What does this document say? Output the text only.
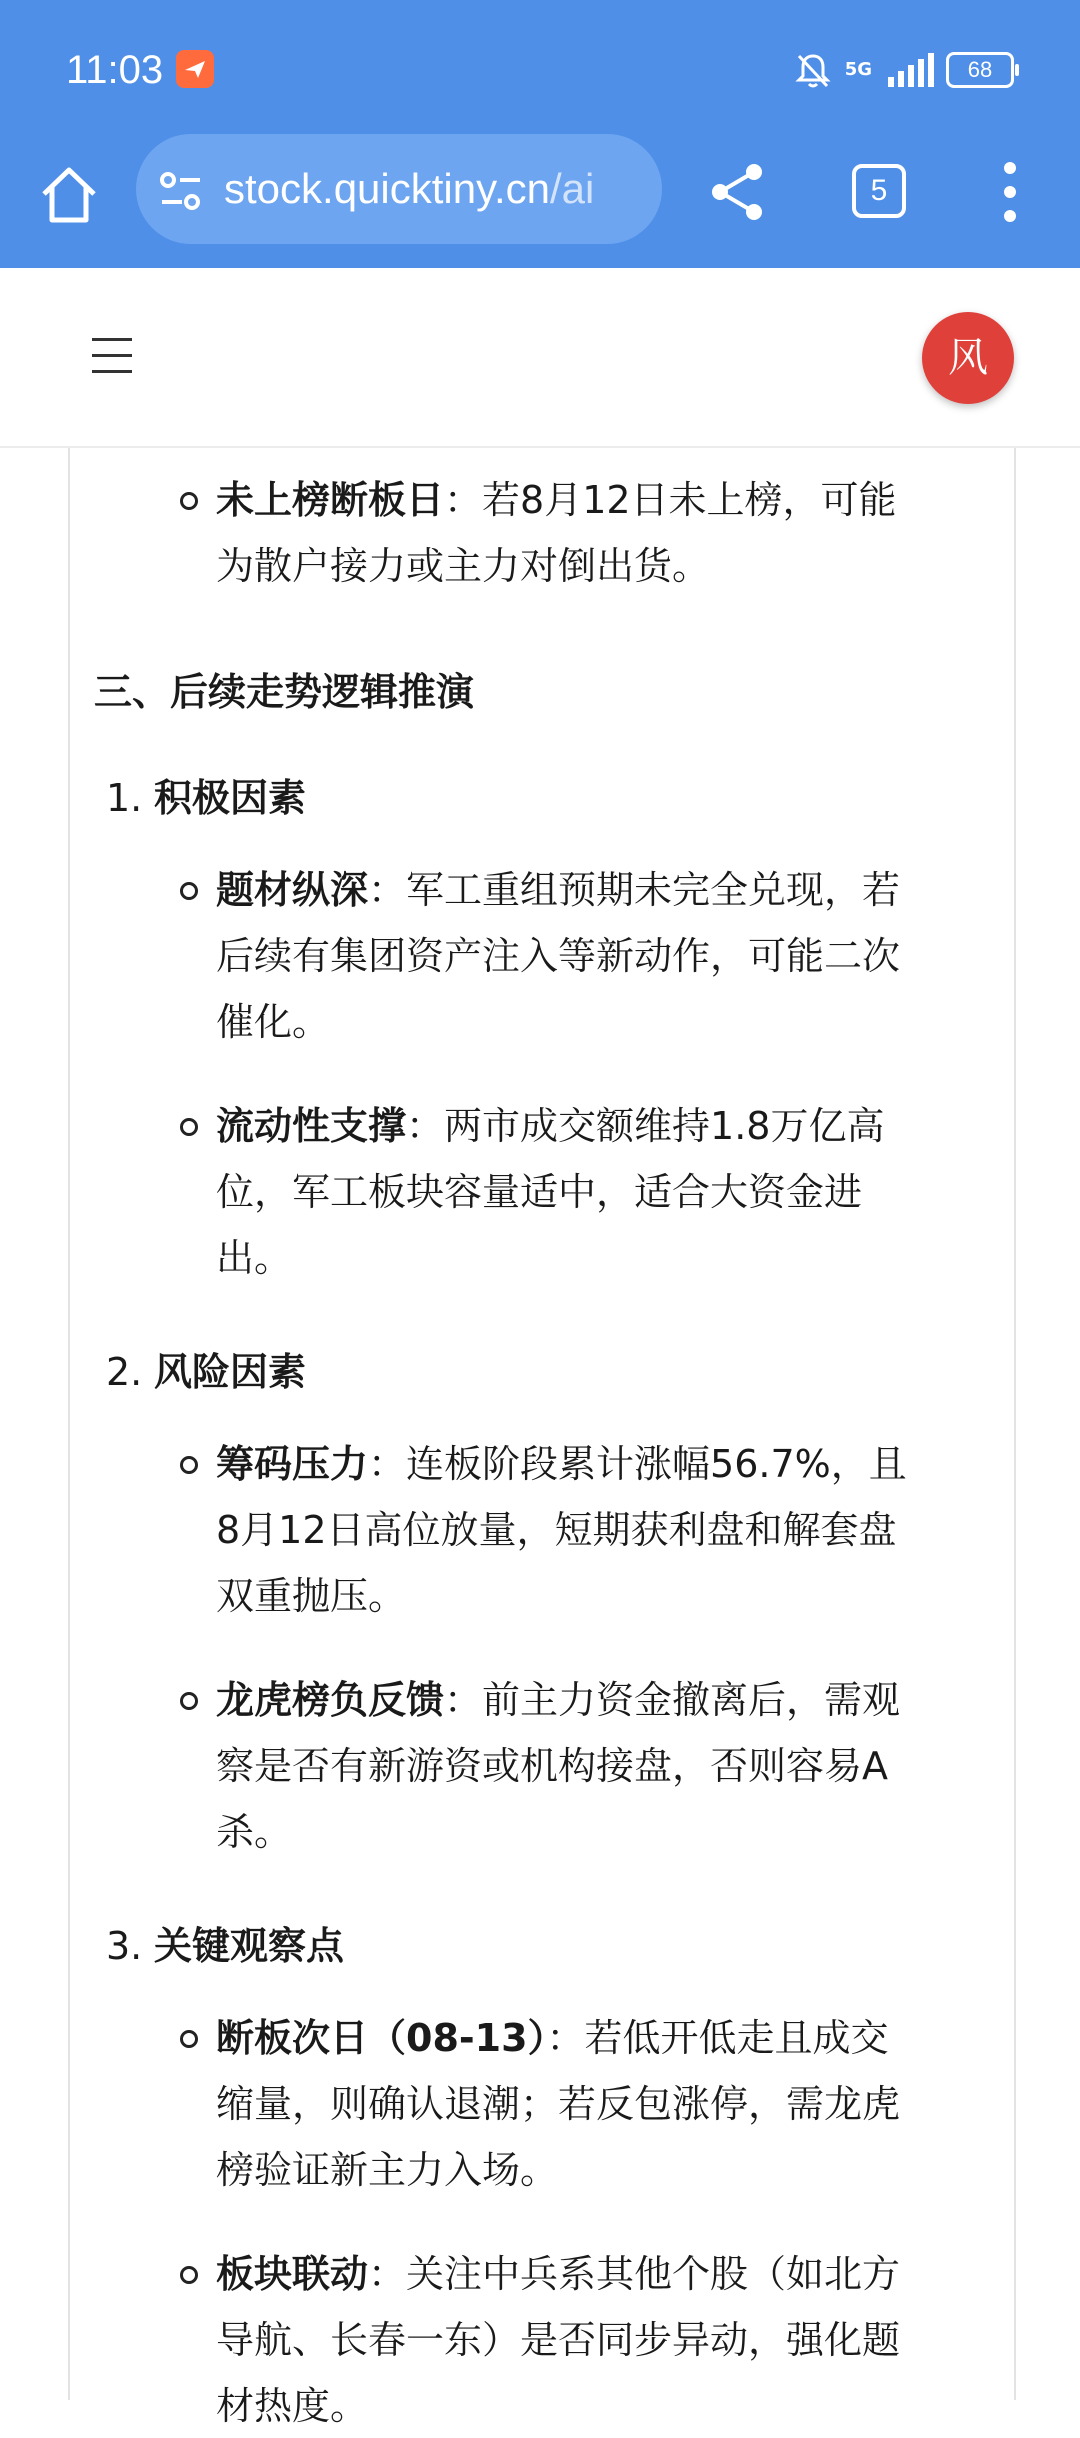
11:03	5G	68
stock.quicktiny.cn/ai	5
风
未上榜断板日：若8月12日未上榜，可能
为散户接力或主力对倒出货。
三、后续走势逻辑推演
1. 积极因素
题材纵深：军工重组预期未完全兑现，若
后续有集团资产注入等新动作，可能二次
催化。
流动性支撑：两市成交额维持1.8万亿高
位，军工板块容量适中，适合大资金进
出。
2. 风险因素
筹码压力：连板阶段累计涨幅56.7%，且
8月12日高位放量，短期获利盘和解套盘
双重抛压。
龙虎榜负反馈：前主力资金撤离后，需观
察是否有新游资或机构接盘，否则容易A
杀。
3. 关键观察点
断板次日（08-13）：若低开低走且成交
缩量，则确认退潮；若反包涨停，需龙虎
榜验证新主力入场。
板块联动：关注中兵系其他个股（如北方
导航、长春一东）是否同步异动，强化题
材热度。
